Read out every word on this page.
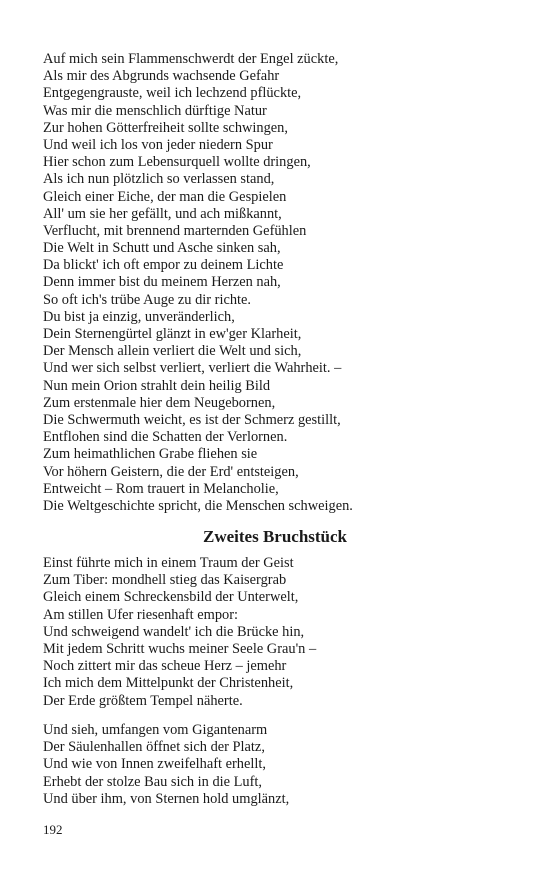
Auf mich sein Flammenschwerdt der Engel zückte,
Als mir des Abgrunds wachsende Gefahr
Entgegengrauste, weil ich lechzend pflückte,
Was mir die menschlich dürftige Natur
Zur hohen Götterfreiheit sollte schwingen,
Und weil ich los von jeder niedern Spur
Hier schon zum Lebensurquell wollte dringen,
Als ich nun plötzlich so verlassen stand,
Gleich einer Eiche, der man die Gespielen
All' um sie her gefällt, und ach mißkannt,
Verflucht, mit brennend marternden Gefühlen
Die Welt in Schutt und Asche sinken sah,
Da blickt' ich oft empor zu deinem Lichte
Denn immer bist du meinem Herzen nah,
So oft ich's trübe Auge zu dir richte.
Du bist ja einzig, unveränderlich,
Dein Sternengürtel glänzt in ew'ger Klarheit,
Der Mensch allein verliert die Welt und sich,
Und wer sich selbst verliert, verliert die Wahrheit. –
Nun mein Orion strahlt dein heilig Bild
Zum erstenmale hier dem Neugebornen,
Die Schwermuth weicht, es ist der Schmerz gestillt,
Entflohen sind die Schatten der Verlornen.
Zum heimathlichen Grabe fliehen sie
Vor höhern Geistern, die der Erd' entsteigen,
Entweicht – Rom trauert in Melancholie,
Die Weltgeschichte spricht, die Menschen schweigen.
Zweites Bruchstück
Einst führte mich in einem Traum der Geist
Zum Tiber: mondhell stieg das Kaisergrab
Gleich einem Schreckensbild der Unterwelt,
Am stillen Ufer riesenhaft empor:
Und schweigend wandelt' ich die Brücke hin,
Mit jedem Schritt wuchs meiner Seele Grau'n –
Noch zittert mir das scheue Herz – jemehr
Ich mich dem Mittelpunkt der Christenheit,
Der Erde größtem Tempel näherte.
Und sieh, umfangen vom Gigantenarm
Der Säulenhallen öffnet sich der Platz,
Und wie von Innen zweifelhaft erhellt,
Erhebt der stolze Bau sich in die Luft,
Und über ihm, von Sternen hold umglänzt,
192
